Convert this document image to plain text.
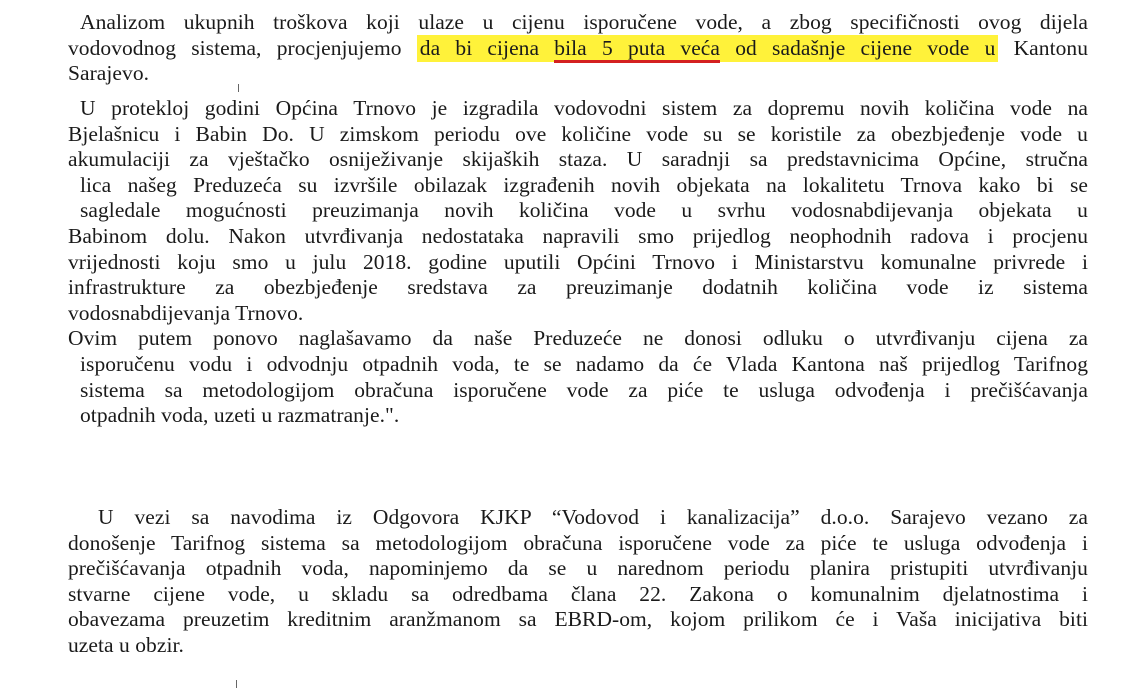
Analizom ukupnih troškova koji ulaze u cijenu isporučene vode, a zbog specifičnosti ovog dijela
vodovodnog sistema, procjenjujemo da bi cijena bila 5 puta veća od sadašnje cijene vode u Kantonu
Sarajevo.
U protekloj godini Općina Trnovo je izgradila vodovodni sistem za dopremu novih količina vode na
Bjelašnicu i Babin Do. U zimskom periodu ove količine vode su se koristile za obezbjeđenje vode u
akumulaciji za vještačko osniježivanje skijaških staza. U saradnji sa predstavnicima Općine, stručna
lica našeg Preduzeća su izvršile obilazak izgrađenih novih objekata na lokalitetu Trnova kako bi se
sagledale mogućnosti preuzimanja novih količina vode u svrhu vodosnabdijevanja objekata u
Babinom dolu. Nakon utvrđivanja nedostataka napravili smo prijedlog neophodnih radova i procjenu
vrijednosti koju smo u julu 2018. godine uputili Općini Trnovo i Ministarstvu komunalne privrede i
infrastrukture za obezbjeđenje sredstava za preuzimanje dodatnih količina vode iz sistema
vodosnabdijevanja Trnovo.
Ovim putem ponovo naglašavamo da naše Preduzeće ne donosi odluku o utvrđivanju cijena za
isporučenu vodu i odvodnju otpadnih voda, te se nadamo da će Vlada Kantona naš prijedlog Tarifnog
sistema sa metodologijom obračuna isporučene vode za piće te usluga odvođenja i prečišćavanja
otpadnih voda, uzeti u razmatranje.".
U vezi sa navodima iz Odgovora KJKP “Vodovod i kanalizacija” d.o.o. Sarajevo vezano za
donošenje Tarifnog sistema sa metodologijom obračuna isporučene vode za piće te usluga odvođenja i
prečišćavanja otpadnih voda, napominjemo da se u narednom periodu planira pristupiti utvrđivanju
stvarne cijene vode, u skladu sa odredbama člana 22. Zakona o komunalnim djelatnostima i
obavezama preuzetim kreditnim aranžmanom sa EBRD-om, kojom prilikom će i Vaša inicijativa biti
uzeta u obzir.
